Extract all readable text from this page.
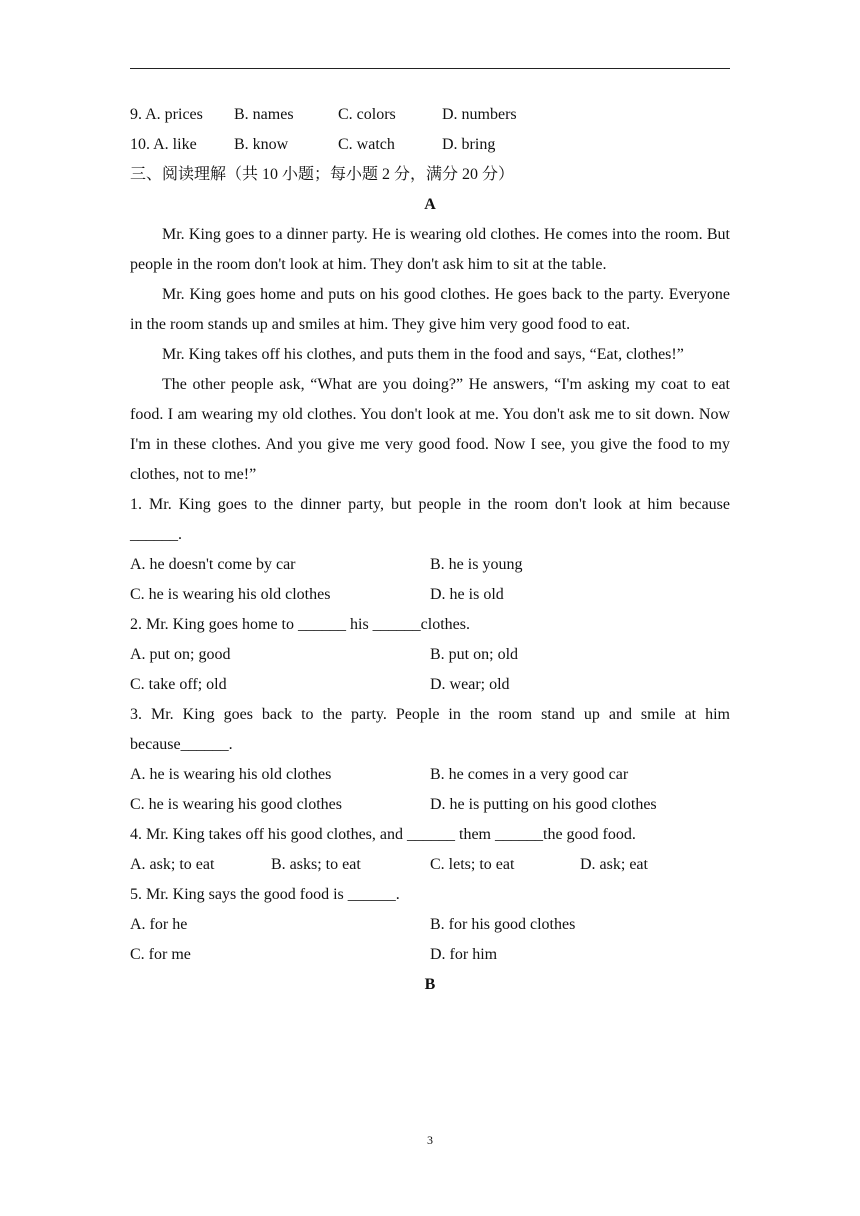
9. A. prices B. names	C. colors	D. numbers
10. A. like B. know	C. watch	D. bring
三、阅读理解（共 10 小题；每小题 2 分，满分 20 分）
A
Mr. King goes to a dinner party. He is wearing old clothes. He comes into the room. But people in the room don't look at him. They don't ask him to sit at the table.
Mr. King goes home and puts on his good clothes. He goes back to the party. Everyone in the room stands up and smiles at him. They give him very good food to eat.
Mr. King takes off his clothes, and puts them in the food and says, “Eat, clothes!”
The other people ask, “What are you doing?” He answers, “I'm asking my coat to eat food. I am wearing my old clothes. You don't look at me. You don't ask me to sit down. Now I'm in these clothes. And you give me very good food. Now I see, you give the food to my clothes, not to me!”
1. Mr. King goes to the dinner party, but people in the room don't look at him because ______.
A. he doesn't come by car	B. he is young
C. he is wearing his old clothes	D. he is old
2. Mr. King goes home to ______ his ______clothes.
A. put on; good	B. put on; old
C. take off; old	D. wear; old
3. Mr. King goes back to the party. People in the room stand up and smile at him because______.
A. he is wearing his old clothes	B. he comes in a very good car
C. he is wearing his good clothes	D. he is putting on his good clothes
4. Mr. King takes off his good clothes, and ______ them ______the good food.
A. ask; to eat	B. asks; to eat	C. lets; to eat	D. ask; eat
5. Mr. King says the good food is ______.
A. for he	B. for his good clothes
C. for me	D. for him
B
3
